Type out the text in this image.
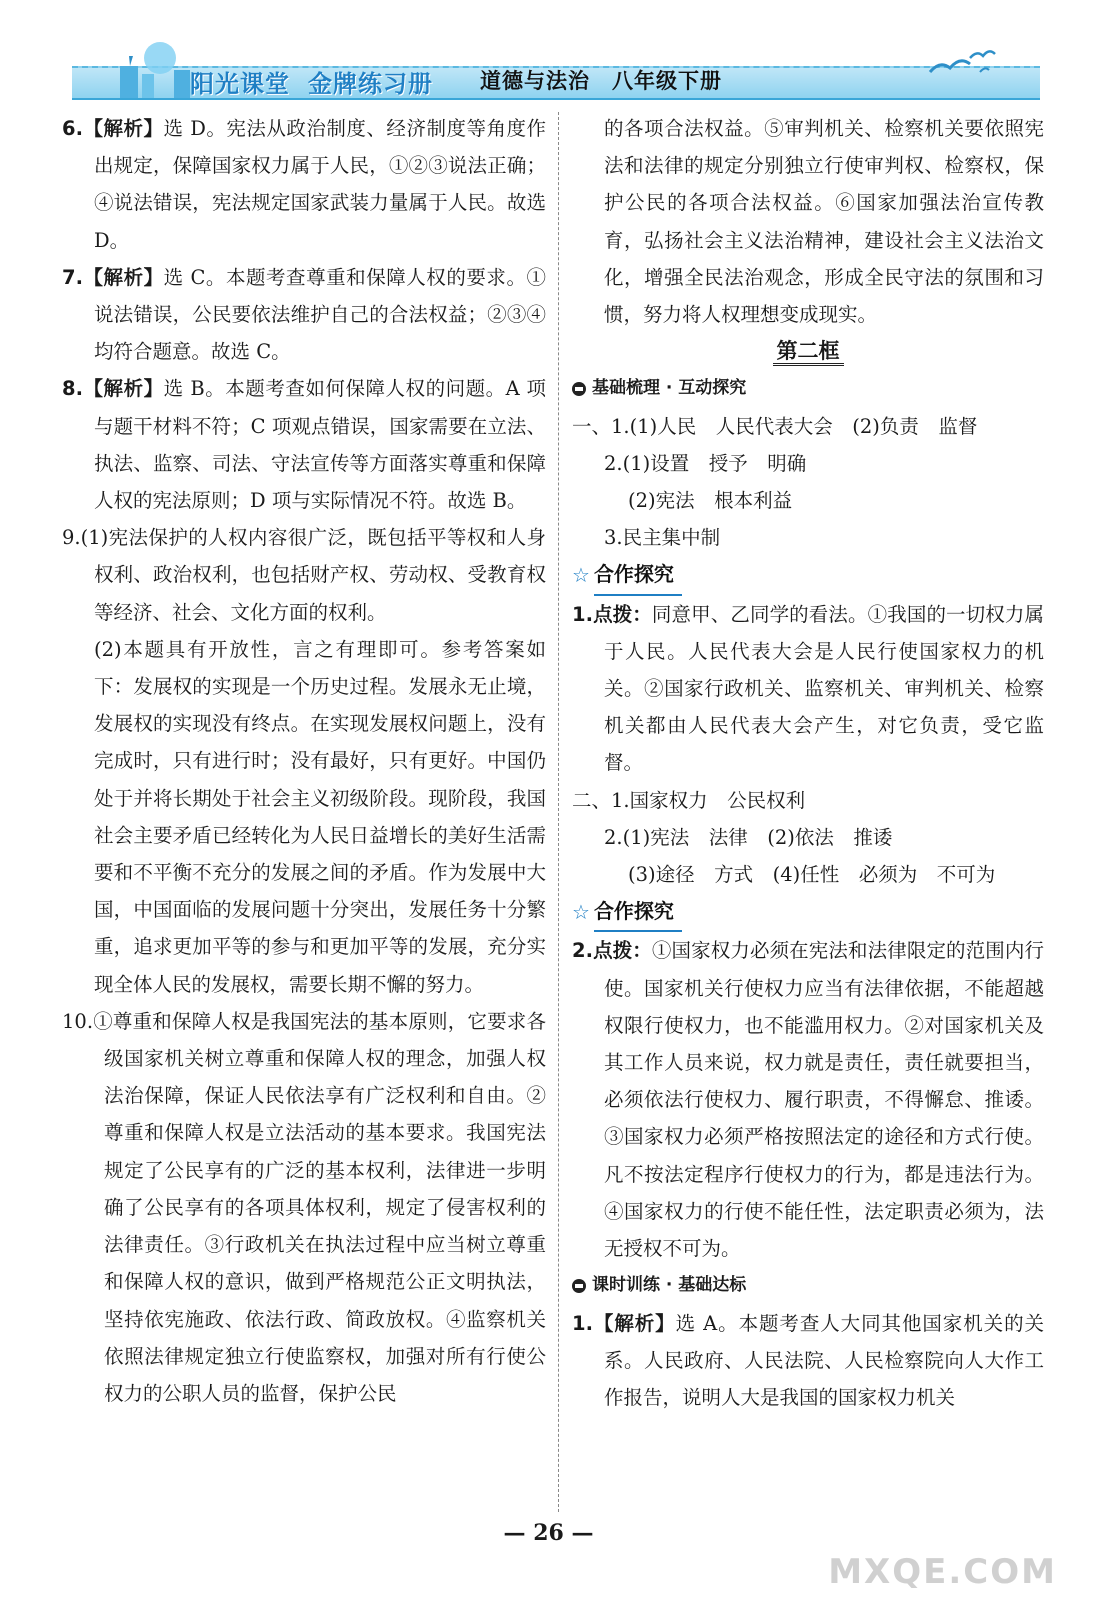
阳光课堂 金牌练习册 道德与法治 八年级下册

6.【解析】选 D。宪法从政治制度、经济制度等角度作出规定，保障国家权力属于人民，①②③说法正确；④说法错误，宪法规定国家武装力量属于人民。故选 D。

7.【解析】选 C。本题考查尊重和保障人权的要求。①说法错误，公民要依法维护自己的合法权益；②③④均符合题意。故选 C。

8.【解析】选 B。本题考查如何保障人权的问题。A 项与题干材料不符；C 项观点错误，国家需要在立法、执法、监察、司法、守法宣传等方面落实尊重和保障人权的宪法原则；D 项与实际情况不符。故选 B。

9.(1)宪法保护的人权内容很广泛，既包括平等权和人身权利、政治权利，也包括财产权、劳动权、受教育权等经济、社会、文化方面的权利。

(2)本题具有开放性，言之有理即可。参考答案如下：发展权的实现是一个历史过程。发展永无止境，发展权的实现没有终点。在实现发展权问题上，没有完成时，只有进行时；没有最好，只有更好。中国仍处于并将长期处于社会主义初级阶段。现阶段，我国社会主要矛盾已经转化为人民日益增长的美好生活需要和不平衡不充分的发展之间的矛盾。作为发展中大国，中国面临的发展问题十分突出，发展任务十分繁重，追求更加平等的参与和更加平等的发展，充分实现全体人民的发展权，需要长期不懈的努力。

10.①尊重和保障人权是我国宪法的基本原则，它要求各级国家机关树立尊重和保障人权的理念，加强人权法治保障，保证人民依法享有广泛权利和自由。②尊重和保障人权是立法活动的基本要求。我国宪法规定了公民享有的广泛的基本权利，法律进一步明确了公民享有的各项具体权利，规定了侵害权利的法律责任。③行政机关在执法过程中应当树立尊重和保障人权的意识，做到严格规范公正文明执法，坚持依宪施政、依法行政、简政放权。④监察机关依照法律规定独立行使监察权，加强对所有行使公权力的公职人员的监督，保护公民

的各项合法权益。⑤审判机关、检察机关要依照宪法和法律的规定分别独立行使审判权、检察权，保护公民的各项合法权益。⑥国家加强法治宣传教育，弘扬社会主义法治精神，建设社会主义法治文化，增强全民法治观念，形成全民守法的氛围和习惯，努力将人权理想变成现实。

第二框

基础梳理 · 互动探究

一、1.(1)人民　人民代表大会　(2)负责　监督

2.(1)设置　授予　明确

(2)宪法　根本利益

3.民主集中制

☆ 合作探究

1.点拨：同意甲、乙同学的看法。①我国的一切权力属于人民。人民代表大会是人民行使国家权力的机关。②国家行政机关、监察机关、审判机关、检察机关都由人民代表大会产生，对它负责，受它监督。

二、1.国家权力　公民权利

2.(1)宪法　法律　(2)依法　推诿

(3)途径　方式　(4)任性　必须为　不可为

☆ 合作探究

2.点拨：①国家权力必须在宪法和法律限定的范围内行使。国家机关行使权力应当有法律依据，不能超越权限行使权力，也不能滥用权力。②对国家机关及其工作人员来说，权力就是责任，责任就要担当，必须依法行使权力、履行职责，不得懈怠、推诿。③国家权力必须严格按照法定的途径和方式行使。凡不按法定程序行使权力的行为，都是违法行为。④国家权力的行使不能任性，法定职责必须为，法无授权不可为。

课时训练 · 基础达标

1.【解析】选 A。本题考查人大同其他国家机关的关系。人民政府、人民法院、人民检察院向人大作工作报告，说明人大是我国的国家权力机关

— 26 —
MXQE.COM
